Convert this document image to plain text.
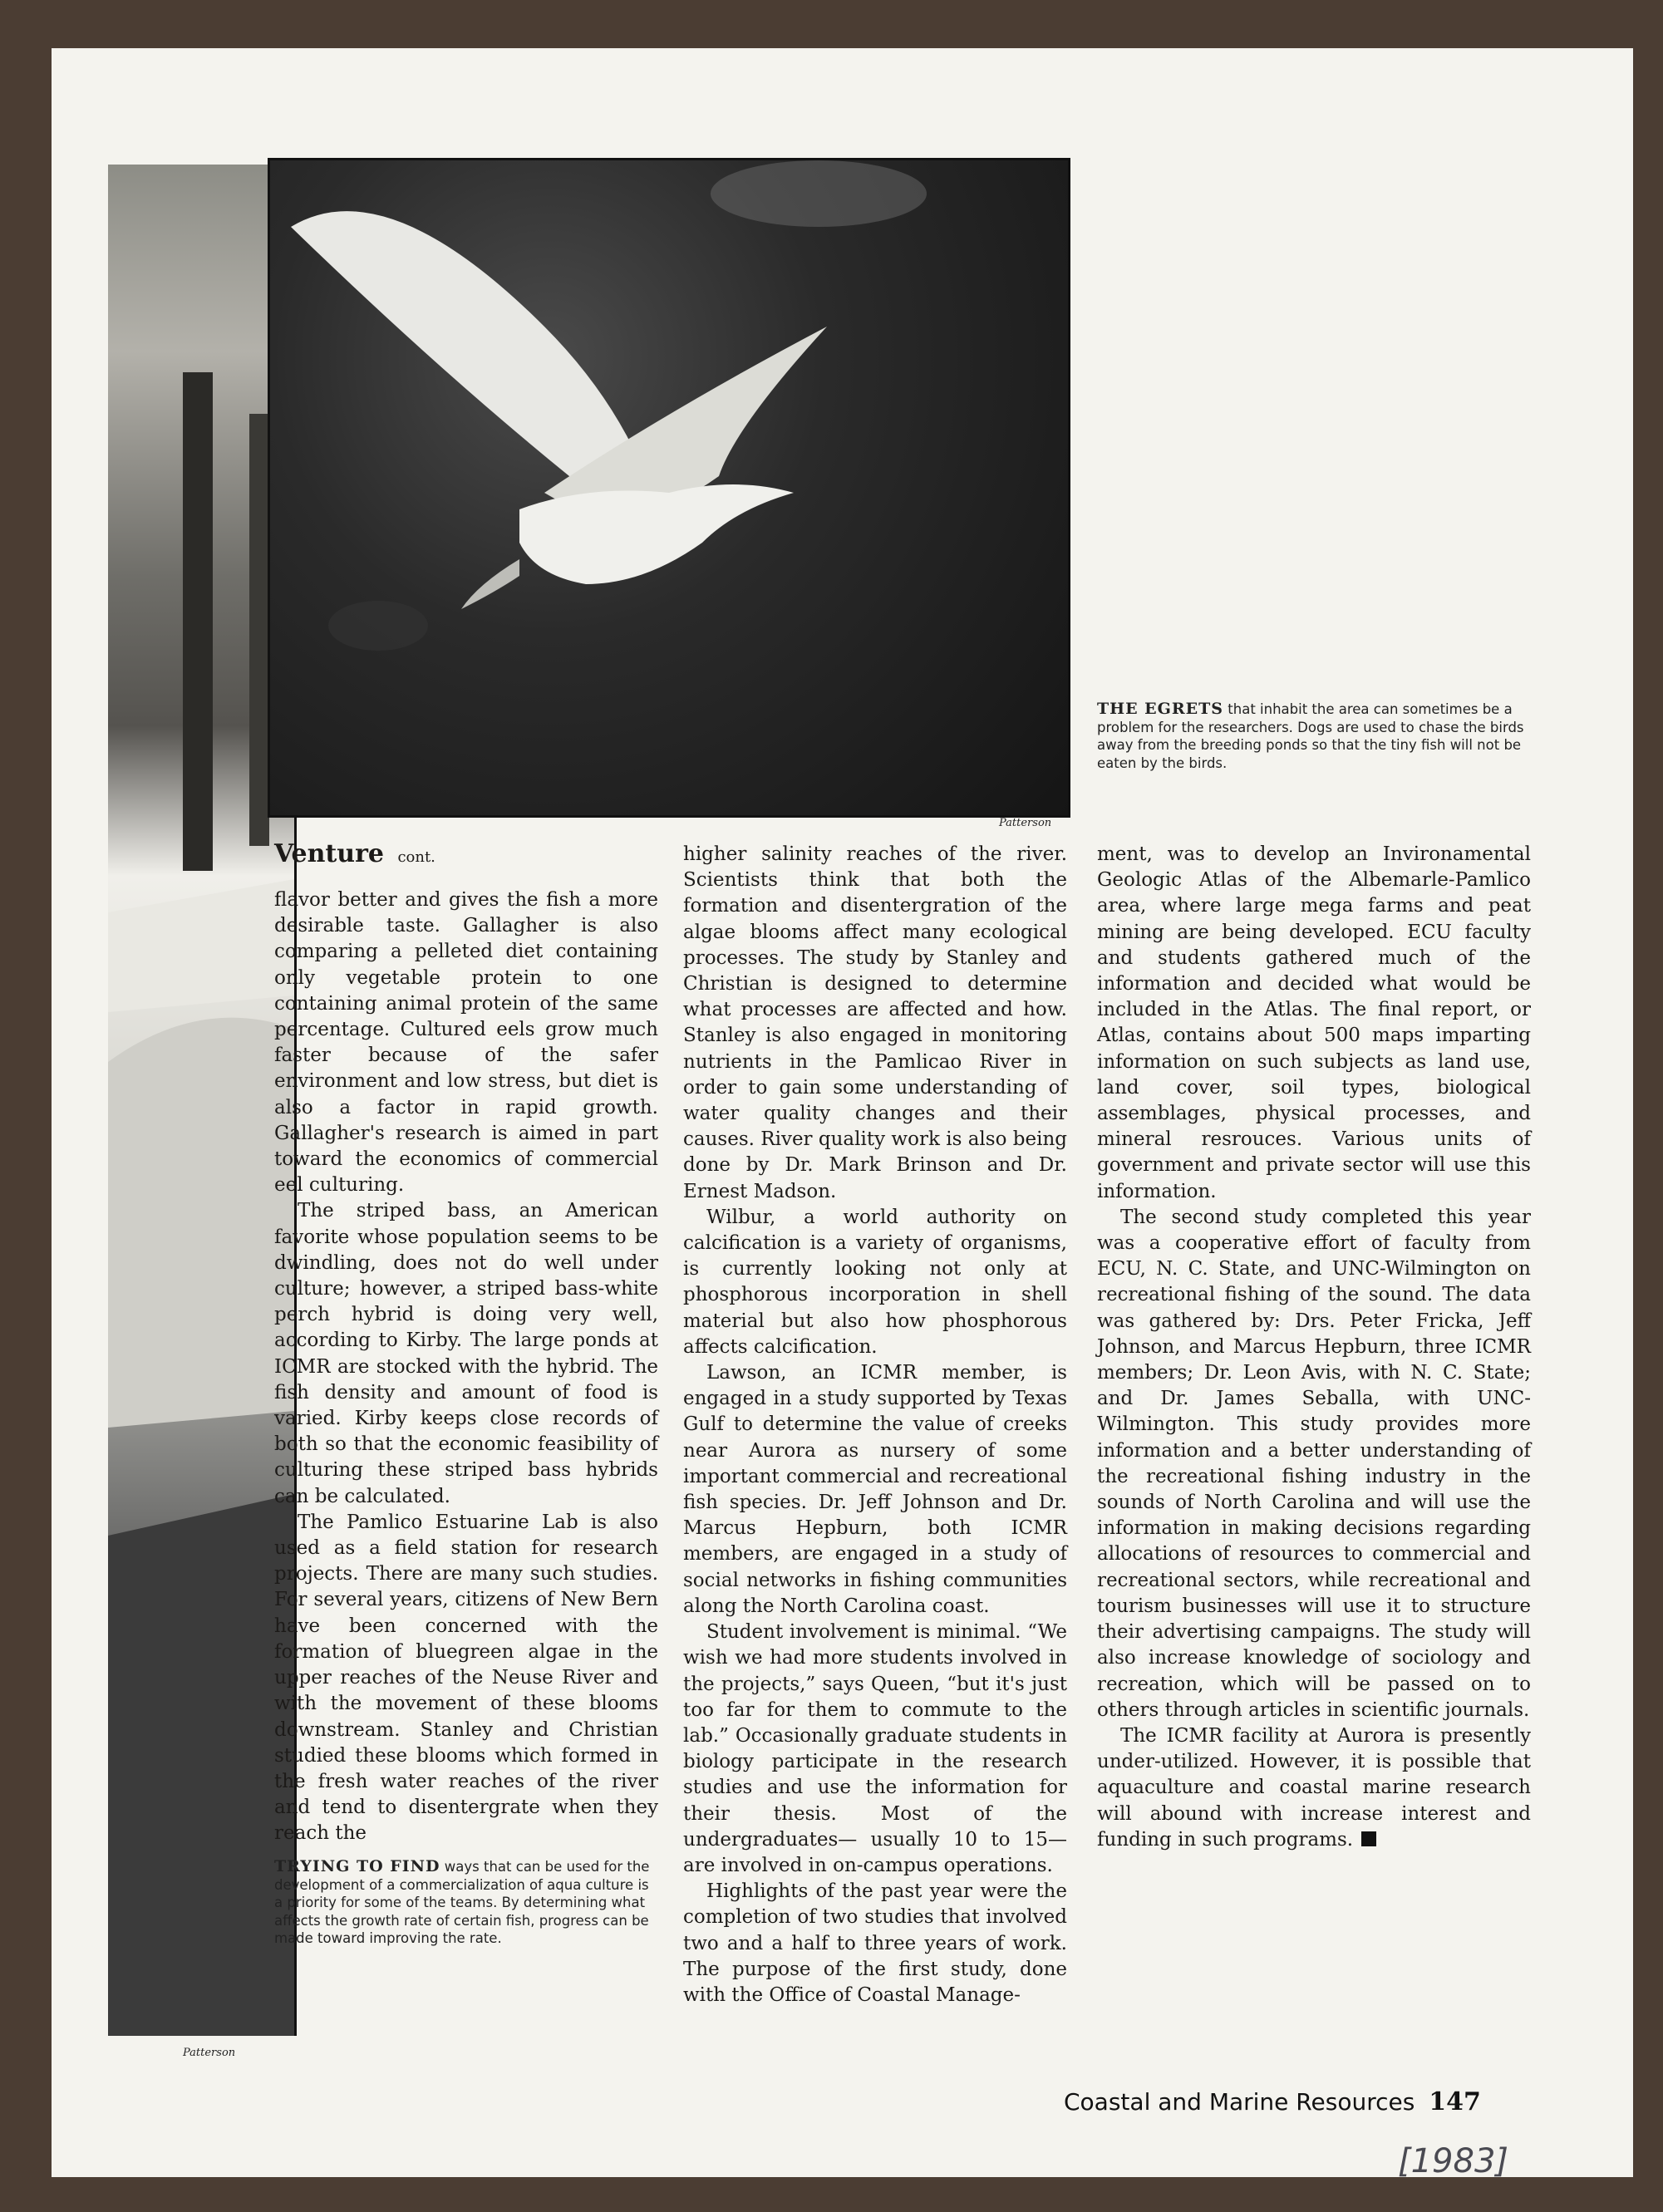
Patterson
Patterson
THE EGRETS that inhabit the area can sometimes be a problem for the researchers. Dogs are used to chase the birds away from the breeding ponds so that the tiny fish will not be eaten by the birds.
Venture cont.

flavor better and gives the fish a more desirable taste. Gallagher is also comparing a pelleted diet containing only vegetable protein to one containing animal protein of the same percentage. Cultured eels grow much faster because of the safer environment and low stress, but diet is also a factor in rapid growth. Gallagher's research is aimed in part toward the economics of commercial eel culturing.

The striped bass, an American favorite whose population seems to be dwindling, does not do well under culture; however, a striped bass-white perch hybrid is doing very well, according to Kirby. The large ponds at ICMR are stocked with the hybrid. The fish density and amount of food is varied. Kirby keeps close records of both so that the economic feasibility of culturing these striped bass hybrids can be calculated.

The Pamlico Estuarine Lab is also used as a field station for research projects. There are many such studies. For several years, citizens of New Bern have been concerned with the formation of bluegreen algae in the upper reaches of the Neuse River and with the movement of these blooms downstream. Stanley and Christian studied these blooms which formed in the fresh water reaches of the river and tend to disentergrate when they reach the

TRYING TO FIND ways that can be used for the development of a commercialization of aqua culture is a priority for some of the teams. By determining what affects the growth rate of certain fish, progress can be made toward improving the rate.

higher salinity reaches of the river. Scientists think that both the formation and disentergration of the algae blooms affect many ecological processes. The study by Stanley and Christian is designed to determine what processes are affected and how. Stanley is also engaged in monitoring nutrients in the Pamlicao River in order to gain some understanding of water quality changes and their causes. River quality work is also being done by Dr. Mark Brinson and Dr. Ernest Madson.

Wilbur, a world authority on calcification is a variety of organisms, is currently looking not only at phosphorous incorporation in shell material but also how phosphorous affects calcification.

Lawson, an ICMR member, is engaged in a study supported by Texas Gulf to determine the value of creeks near Aurora as nursery of some important commercial and recreational fish species. Dr. Jeff Johnson and Dr. Marcus Hepburn, both ICMR members, are engaged in a study of social networks in fishing communities along the North Carolina coast.

Student involvement is minimal. “We wish we had more students involved in the projects,” says Queen, “but it's just too far for them to commute to the lab.” Occasionally graduate students in biology participate in the research studies and use the information for their thesis. Most of the undergraduates— usually 10 to 15— are involved in on-campus operations.

Highlights of the past year were the completion of two studies that involved two and a half to three years of work. The purpose of the first study, done with the Office of Coastal Manage-

ment, was to develop an Invironamental Geologic Atlas of the Albemarle-Pamlico area, where large mega farms and peat mining are being developed. ECU faculty and students gathered much of the information and decided what would be included in the Atlas. The final report, or Atlas, contains about 500 maps imparting information on such subjects as land use, land cover, soil types, biological assemblages, physical processes, and mineral resrouces. Various units of government and private sector will use this information.

The second study completed this year was a cooperative effort of faculty from ECU, N. C. State, and UNC-Wilmington on recreational fishing of the sound. The data was gathered by: Drs. Peter Fricka, Jeff Johnson, and Marcus Hepburn, three ICMR members; Dr. Leon Avis, with N. C. State; and Dr. James Seballa, with UNC-Wilmington. This study provides more information and a better understanding of the recreational fishing industry in the sounds of North Carolina and will use the information in making decisions regarding allocations of resources to commercial and recreational sectors, while recreational and tourism businesses will use it to structure their advertising campaigns. The study will also increase knowledge of sociology and recreation, which will be passed on to others through articles in scientific journals.

The ICMR facility at Aurora is presently under-utilized. However, it is possible that aquaculture and coastal marine research will abound with increase interest and funding in such programs.

Coastal and Marine Resources 147
[1983]
